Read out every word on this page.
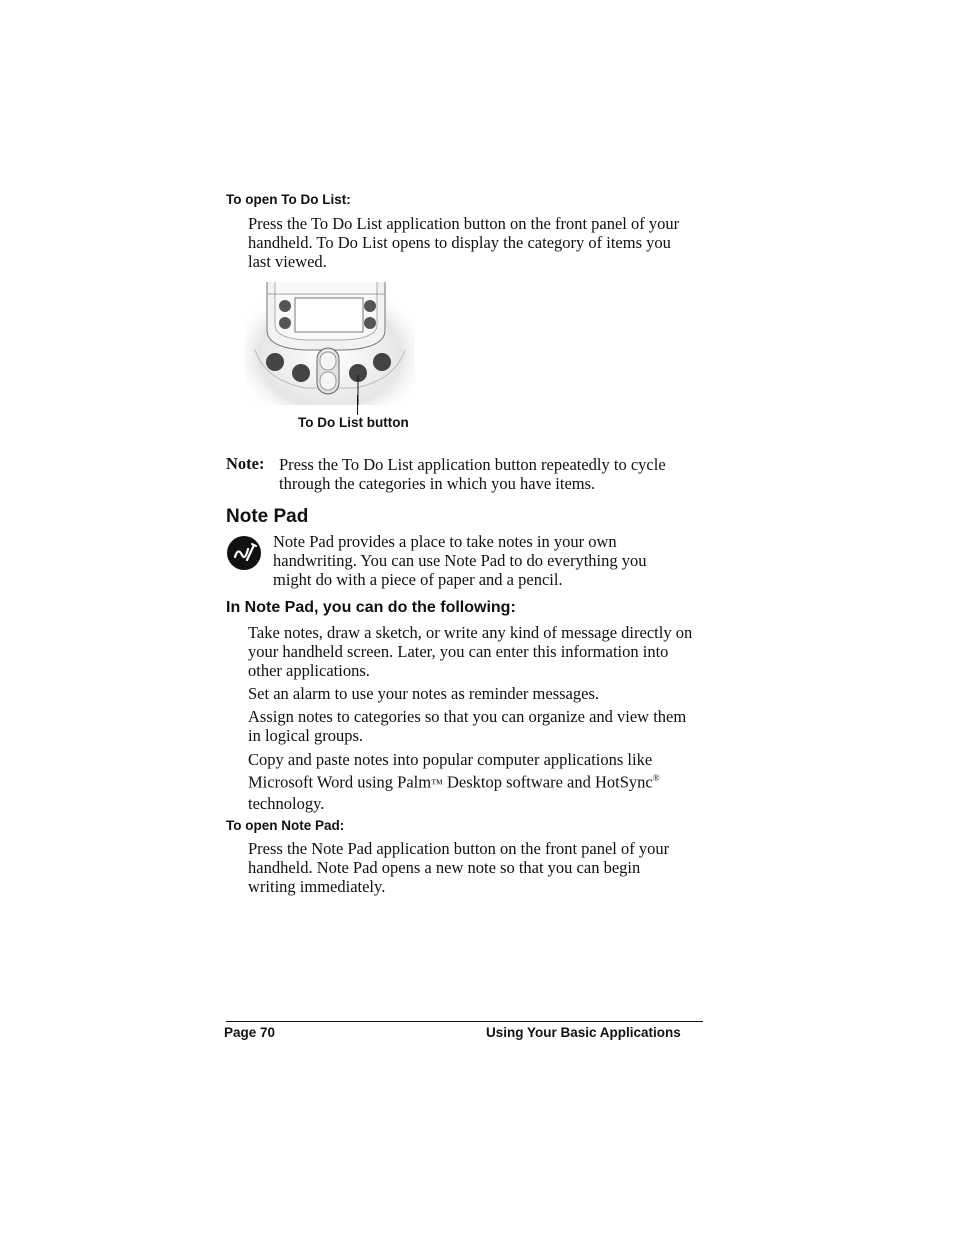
To open To Do List:
Press the To Do List application button on the front panel of your
handheld. To Do List opens to display the category of items you
last viewed.
To Do List button
Note: Press the To Do List application button repeatedly to cycle
through the categories in which you have items.
Note Pad
Note Pad provides a place to take notes in your own
handwriting. You can use Note Pad to do everything you
might do with a piece of paper and a pencil.
In Note Pad, you can do the following:
Take notes, draw a sketch, or write any kind of message directly on
your handheld screen. Later, you can enter this information into
other applications.
Set an alarm to use your notes as reminder messages.
Assign notes to categories so that you can organize and view them
in logical groups.
Copy and paste notes into popular computer applications like
Microsoft Word using Palm™ Desktop software and HotSync®
technology.
To open Note Pad:
Press the Note Pad application button on the front panel of your
handheld. Note Pad opens a new note so that you can begin
writing immediately.
Page 70	Using Your Basic Applications
